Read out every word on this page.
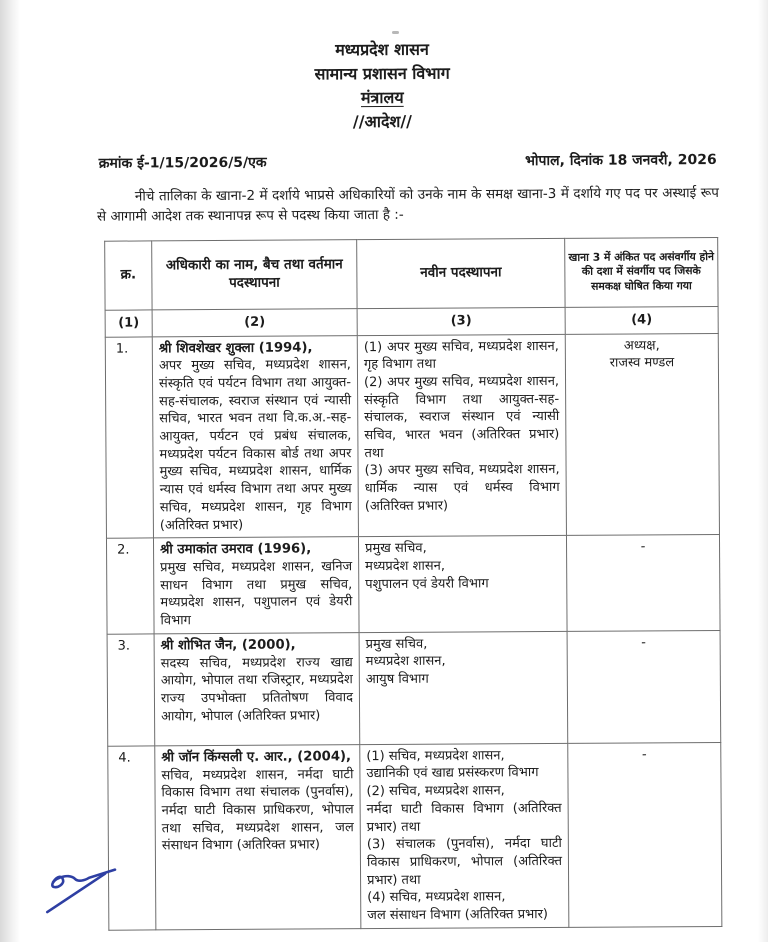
मध्यप्रदेश शासन
सामान्य प्रशासन विभाग
मंत्रालय
//आदेश//
क्रमांक ई-1/15/2026/5/एक	भोपाल, दिनांक 18 जनवरी, 2026

नीचे तालिका के खाना-2 में दर्शाये भाप्रसे अधिकारियों को उनके नाम के समक्ष खाना-3 में दर्शाये गए पद पर अस्थाई रूप से आगामी आदेश तक स्थानापन्न रूप से पदस्थ किया जाता है :-

क्र.	अधिकारी का नाम, बैच तथा वर्तमान पदस्थापना	नवीन पदस्थापना	खाना 3 में अंकित पद असंवर्गीय होने की दशा में संवर्गीय पद जिसके समकक्ष घोषित किया गया
(1)	(2)	(3)	(4)
1.	श्री शिवशेखर शुक्ला (1994),
अपर मुख्य सचिव, मध्यप्रदेश शासन, संस्कृति एवं पर्यटन विभाग तथा आयुक्त-सह-संचालक, स्वराज संस्थान एवं न्यासी सचिव, भारत भवन तथा वि.क.अ.-सह-आयुक्त, पर्यटन एवं प्रबंध संचालक, मध्यप्रदेश पर्यटन विकास बोर्ड तथा अपर मुख्य सचिव, मध्यप्रदेश शासन, धार्मिक न्यास एवं धर्मस्व विभाग तथा अपर मुख्य सचिव, मध्यप्रदेश शासन, गृह विभाग (अतिरिक्त प्रभार)	(1) अपर मुख्य सचिव, मध्यप्रदेश शासन, गृह विभाग तथा
(2) अपर मुख्य सचिव, मध्यप्रदेश शासन, संस्कृति विभाग तथा आयुक्त-सह-संचालक, स्वराज संस्थान एवं न्यासी सचिव, भारत भवन (अतिरिक्त प्रभार) तथा
(3) अपर मुख्य सचिव, मध्यप्रदेश शासन, धार्मिक न्यास एवं धर्मस्व विभाग (अतिरिक्त प्रभार)	अध्यक्ष,
राजस्व मण्डल
2.	श्री उमाकांत उमराव (1996),
प्रमुख सचिव, मध्यप्रदेश शासन, खनिज साधन विभाग तथा प्रमुख सचिव, मध्यप्रदेश शासन, पशुपालन एवं डेयरी विभाग	प्रमुख सचिव,
मध्यप्रदेश शासन,
पशुपालन एवं डेयरी विभाग	-
3.	श्री शोभित जैन, (2000),
सदस्य सचिव, मध्यप्रदेश राज्य खाद्य आयोग, भोपाल तथा रजिस्ट्रार, मध्यप्रदेश राज्य उपभोक्ता प्रतितोषण विवाद आयोग, भोपाल (अतिरिक्त प्रभार)	प्रमुख सचिव,
मध्यप्रदेश शासन,
आयुष विभाग	-
4.	श्री जॉन किंग्सली ए. आर., (2004),
सचिव, मध्यप्रदेश शासन, नर्मदा घाटी विकास विभाग तथा संचालक (पुनर्वास), नर्मदा घाटी विकास प्राधिकरण, भोपाल तथा सचिव, मध्यप्रदेश शासन, जल संसाधन विभाग (अतिरिक्त प्रभार)	(1) सचिव, मध्यप्रदेश शासन,
उद्यानिकी एवं खाद्य प्रसंस्करण विभाग
(2) सचिव, मध्यप्रदेश शासन,
नर्मदा घाटी विकास विभाग (अतिरिक्त प्रभार) तथा
(3) संचालक (पुनर्वास), नर्मदा घाटी विकास प्राधिकरण, भोपाल (अतिरिक्त प्रभार) तथा
(4) सचिव, मध्यप्रदेश शासन,
जल संसाधन विभाग (अतिरिक्त प्रभार)	-
